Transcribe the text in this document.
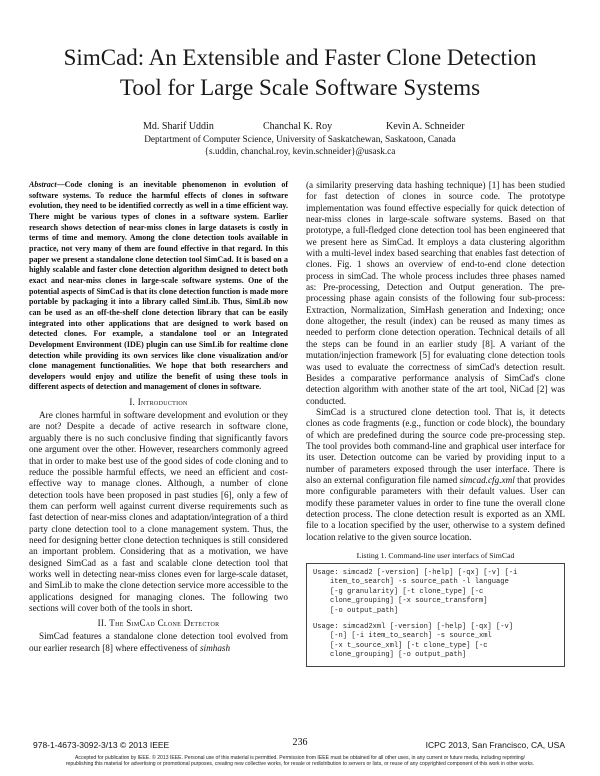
SimCad: An Extensible and Faster Clone Detection
Tool for Large Scale Software Systems
Md. Sharif Uddin	Chanchal K. Roy	Kevin A. Schneider
Deptartment of Computer Science, University of Saskatchewan, Saskatoon, Canada
{s.uddin, chanchal.roy, kevin.schneider}@usask.ca
Abstract—Code cloning is an inevitable phenomenon in evolution of software systems. To reduce the harmful effects of clones in software evolution, they need to be identified correctly as well in a time efficient way. There might be various types of clones in a software system. Earlier research shows detection of near-miss clones in large datasets is costly in terms of time and memory. Among the clone detection tools available in practice, not very many of them are found effective in that regard. In this paper we present a standalone clone detection tool SimCad. It is based on a highly scalable and faster clone detection algorithm designed to detect both exact and near-miss clones in large-scale software systems. One of the potential aspects of SimCad is that its clone detection function is made more portable by packaging it into a library called SimLib. Thus, SimLib now can be used as an off-the-shelf clone detection library that can be easily integrated into other applications that are designed to work based on detected clones. For example, a standalone tool or an Integrated Development Environment (IDE) plugin can use SimLib for realtime clone detection while providing its own services like clone visualization and/or clone management functionalities. We hope that both researchers and developers would enjoy and utilize the benefit of using these tools in different aspects of detection and management of clones in software.
I. Introduction

Are clones harmful in software development and evolution or they are not? Despite a decade of active research in software clone, arguably there is no such conclusive finding that significantly favors one argument over the other. However, researchers commonly agreed that in order to make best use of the good sides of code cloning and to reduce the possible harmful effects, we need an efficient and cost-effective way to manage clones. Although, a number of clone detection tools have been proposed in past studies [6], only a few of them can perform well against current diverse requirements such as fast detection of near-miss clones and adaptation/integration of a third party clone detection tool to a clone management system. Thus, the need for designing better clone detection techniques is still considered an important problem. Considering that as a motivation, we have designed SimCad as a fast and scalable clone detection tool that works well in detecting near-miss clones even for large-scale dataset, and SimLib to make the clone detection service more accessible to the applications designed for managing clones. The following two sections will cover both of the tools in short.

II. The SimCad Clone Detector

SimCad features a standalone clone detection tool evolved from our earlier research [8] where effectiveness of simhash

(a similarity preserving data hashing technique) [1] has been studied for fast detection of clones in source code. The prototype implementation was found effective especially for quick detection of near-miss clones in large-scale software systems. Based on that prototype, a full-fledged clone detection tool has been engineered that we present here as SimCad. It employs a data clustering algorithm with a multi-level index based searching that enables fast detection of clones. Fig. 1 shows an overview of end-to-end clone detection process in simCad. The whole process includes three phases named as: Pre-processing, Detection and Output generation. The pre-processing phase again consists of the following four sub-process: Extraction, Normalization, SimHash generation and Indexing; once done altogether, the result (index) can be reused as many times as needed to perform clone detection operation. Technical details of all the steps can be found in an earlier study [8]. A variant of the mutation/injection framework [5] for evaluating clone detection tools was used to evaluate the correctness of simCad's detection result. Besides a comparative performance analysis of SimCad's clone detection algorithm with another state of the art tool, NiCad [2] was conducted.

SimCad is a structured clone detection tool. That is, it detects clones as code fragments (e.g., function or code block), the boundary of which are predefined during the source code pre-processing step. The tool provides both command-line and graphical user interface for its user. Detection outcome can be varied by providing input to a number of parameters exposed through the user interface. There is also an external configuration file named simcad.cfg.xml that provides more configurable parameters with their default values. User can modify these parameter values in order to fine tune the overall clone detection process. The clone detection result is exported as an XML file to a location specified by the user, otherwise to a system defined location relative to the given source location.

Listing 1. Command-line user interfacs of SimCad
Usage: simcad2 [-version] [-help] [-qx] [-v] [-i
item_to_search] -s source_path -l language
[-g granularity] [-t clone_type] [-c
clone_grouping] [-x source_transform]
[-o output_path]
Usage: simcad2xml [-version] [-help] [-qx] [-v]
[-n] [-i item_to_search] -s source_xml
[-x t_source_xml] [-t clone_type] [-c
clone_grouping] [-o output_path]
978-1-4673-3092-3/13 © 2013 IEEE	236	ICPC 2013, San Francisco, CA, USA
Accepted for publication by IEEE. © 2013 IEEE. Personal use of this material is permitted. Permission from IEEE must be obtained for all other uses, in any current or future media, including reprinting/
republishing this material for advertising or promotional purposes, creating new collective works, for resale or redistribution to servers or lists, or reuse of any copyrighted component of this work in other works.
